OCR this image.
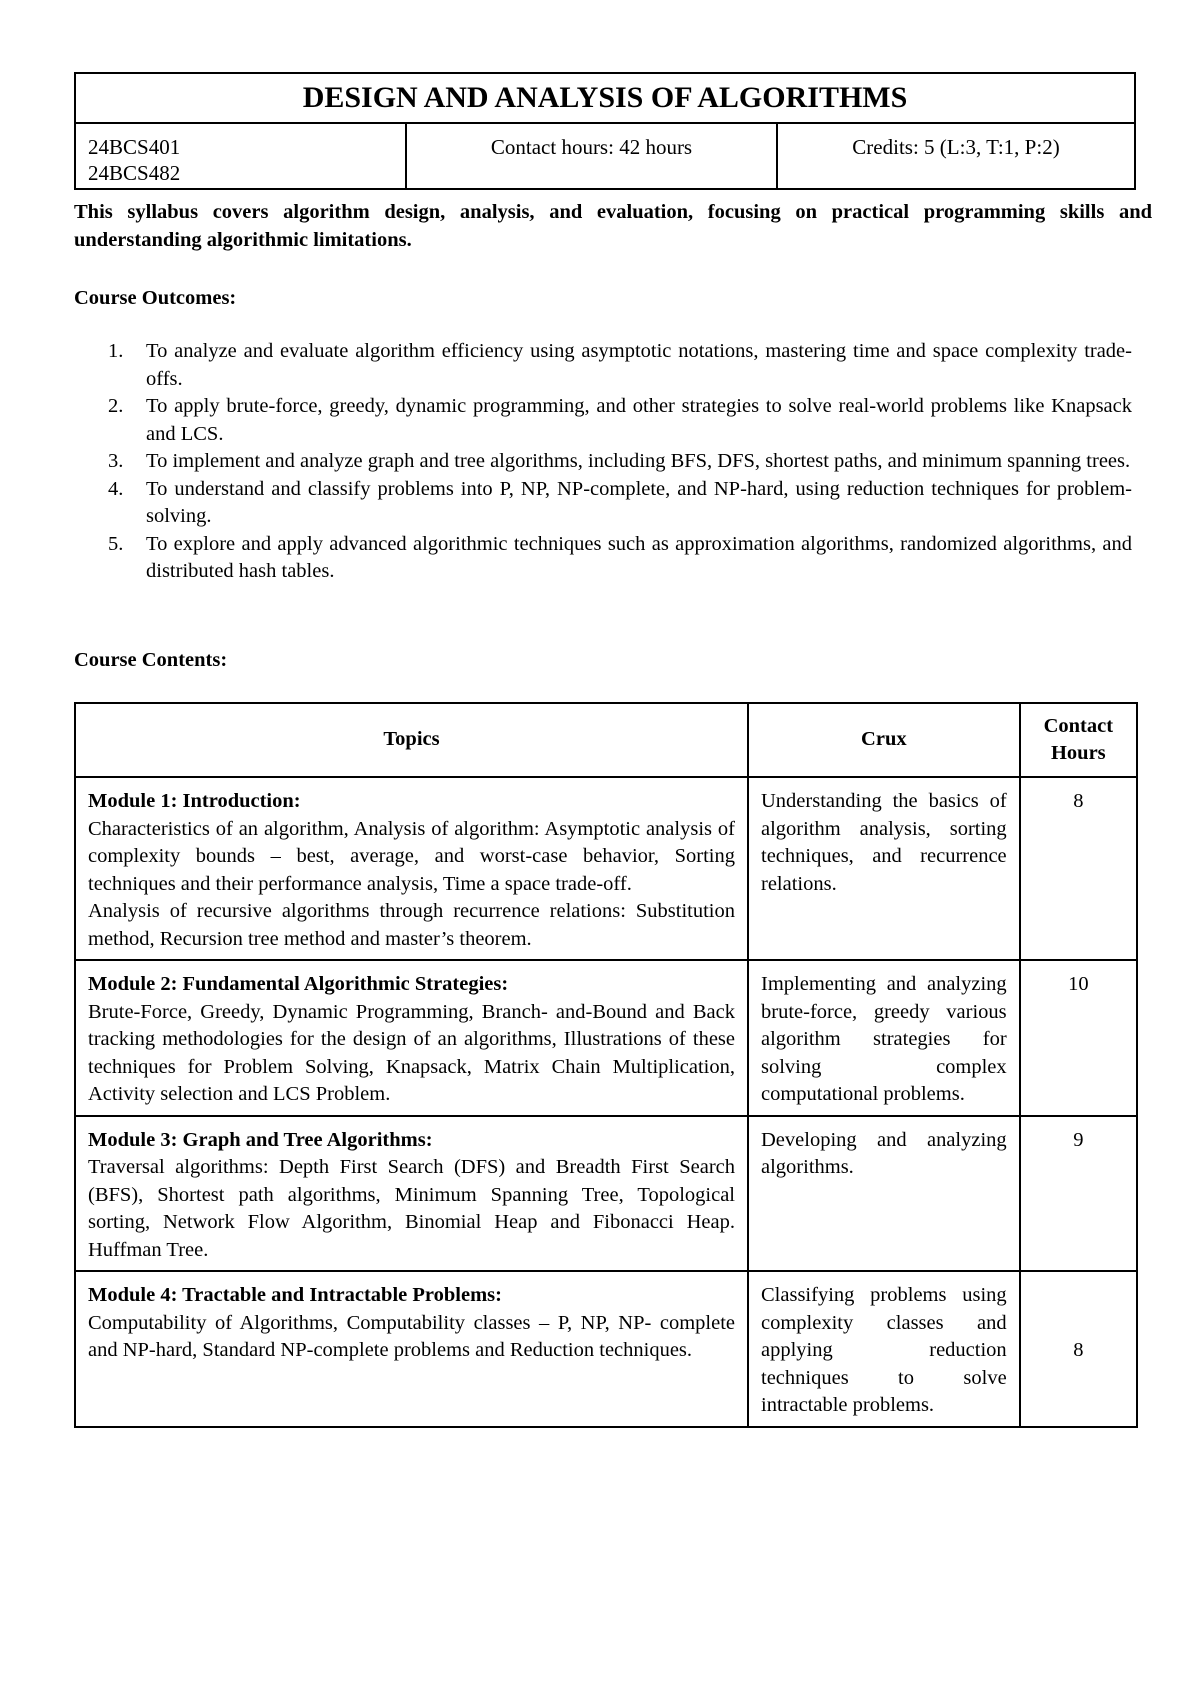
DESIGN AND ANALYSIS OF ALGORITHMS
24BCS401
24BCS482
Contact hours: 42 hours	Credits: 5 (L:3, T:1, P:2)
This syllabus covers algorithm design, analysis, and evaluation, focusing on practical programming skills and understanding algorithmic limitations.
Course Outcomes:
1.	To analyze and evaluate algorithm efficiency using asymptotic notations, mastering time and space complexity trade-offs.
2.	To apply brute-force, greedy, dynamic programming, and other strategies to solve real-world problems like Knapsack and LCS.
3.	To implement and analyze graph and tree algorithms, including BFS, DFS, shortest paths, and minimum spanning trees.
4.	To understand and classify problems into P, NP, NP-complete, and NP-hard, using reduction techniques for problem-solving.
5.	To explore and apply advanced algorithmic techniques such as approximation algorithms, randomized algorithms, and distributed hash tables.
Course Contents:
Topics	Crux	Contact Hours

Module 1: Introduction:
Characteristics of an algorithm, Analysis of algorithm: Asymptotic analysis of complexity bounds – best, average, and worst-case behavior, Sorting techniques and their performance analysis, Time a space trade-off.
Analysis of recursive algorithms through recurrence relations: Substitution method, Recursion tree method and master’s theorem.	Understanding the basics of algorithm analysis, sorting techniques, and recurrence relations.	8

Module 2: Fundamental Algorithmic Strategies:
Brute-Force, Greedy, Dynamic Programming, Branch- and-Bound and Back tracking methodologies for the design of an algorithms, Illustrations of these techniques for Problem Solving, Knapsack, Matrix Chain Multiplication, Activity selection and LCS Problem.	Implementing and analyzing brute-force, greedy various algorithm strategies for solving complex computational problems.	10

Module 3: Graph and Tree Algorithms:
Traversal algorithms: Depth First Search (DFS) and Breadth First Search (BFS), Shortest path algorithms, Minimum Spanning Tree, Topological sorting, Network Flow Algorithm, Binomial Heap and Fibonacci Heap. Huffman Tree.	Developing and analyzing algorithms.	9

Module 4: Tractable and Intractable Problems:
Computability of Algorithms, Computability classes – P, NP, NP- complete and NP-hard, Standard NP-complete problems and Reduction techniques.	Classifying problems using complexity classes and applying reduction techniques to solve intractable problems.	8
